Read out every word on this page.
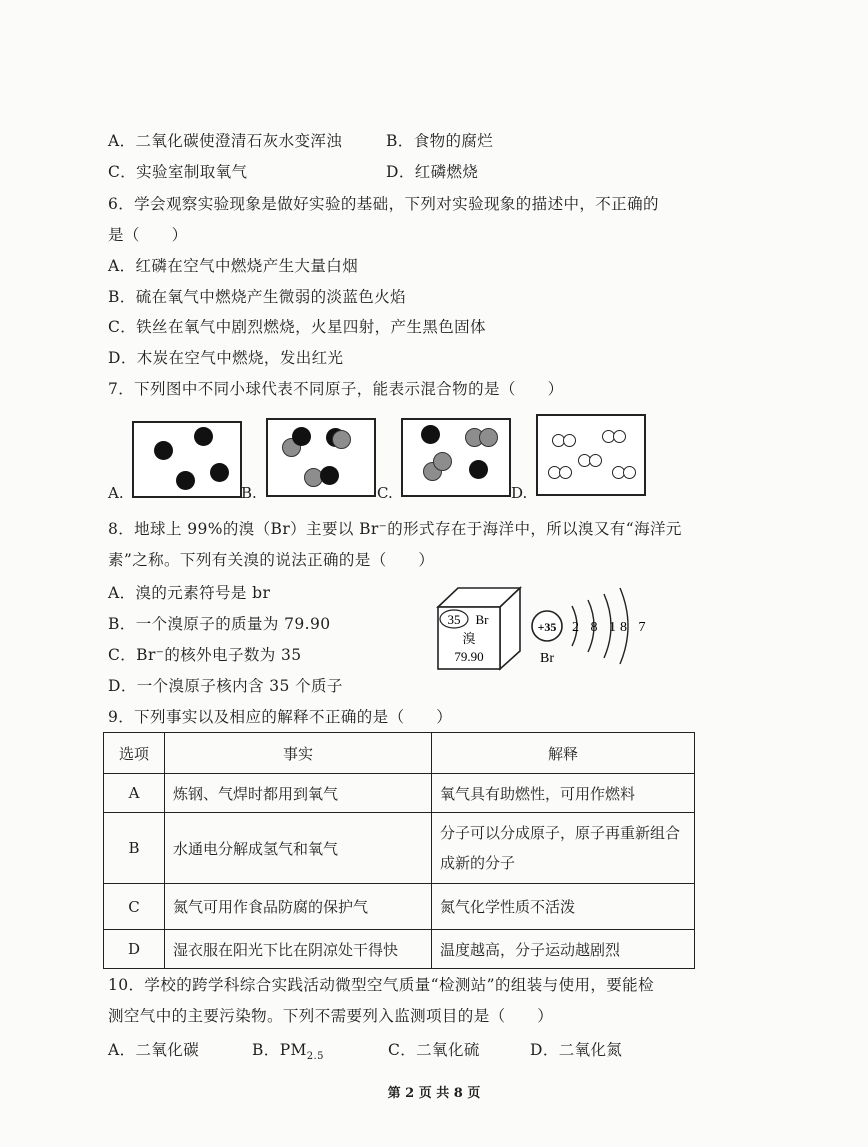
A．二氧化碳使澄清石灰水变浑浊	B．食物的腐烂
C．实验室制取氧气	D．红磷燃烧
6．学会观察实验现象是做好实验的基础，下列对实验现象的描述中，不正确的
是（　　）
A．红磷在空气中燃烧产生大量白烟
B．硫在氧气中燃烧产生微弱的淡蓝色火焰
C．铁丝在氧气中剧烈燃烧，火星四射，产生黑色固体
D．木炭在空气中燃烧，发出红光
7．下列图中不同小球代表不同原子，能表示混合物的是（　　）
A.	B.	C.	D.
8．地球上 99%的溴（Br）主要以 Br⁻的形式存在于海洋中，所以溴又有“海洋元
素”之称。下列有关溴的说法正确的是（　　）
A．溴的元素符号是 br
B．一个溴原子的质量为 79.90
C．Br⁻的核外电子数为 35
D．一个溴原子核内含 35 个质子
35 Br
溴
79.90
+35 2 8 18 7
Br
9．下列事实以及相应的解释不正确的是（　　）
选项	事实	解释
A	炼钢、气焊时都用到氧气	氧气具有助燃性，可用作燃料
B	水通电分解成氢气和氧气	分子可以分成原子，原子再重新组合成新的分子
C	氮气可用作食品防腐的保护气	氮气化学性质不活泼
D	湿衣服在阳光下比在阴凉处干得快	温度越高，分子运动越剧烈
10．学校的跨学科综合实践活动微型空气质量“检测站”的组装与使用，要能检
测空气中的主要污染物。下列不需要列入监测项目的是（　　）
A．二氧化碳	B．$PM_{2.5}$	C．二氧化硫	D．二氧化氮
第 2 页 共 8 页
